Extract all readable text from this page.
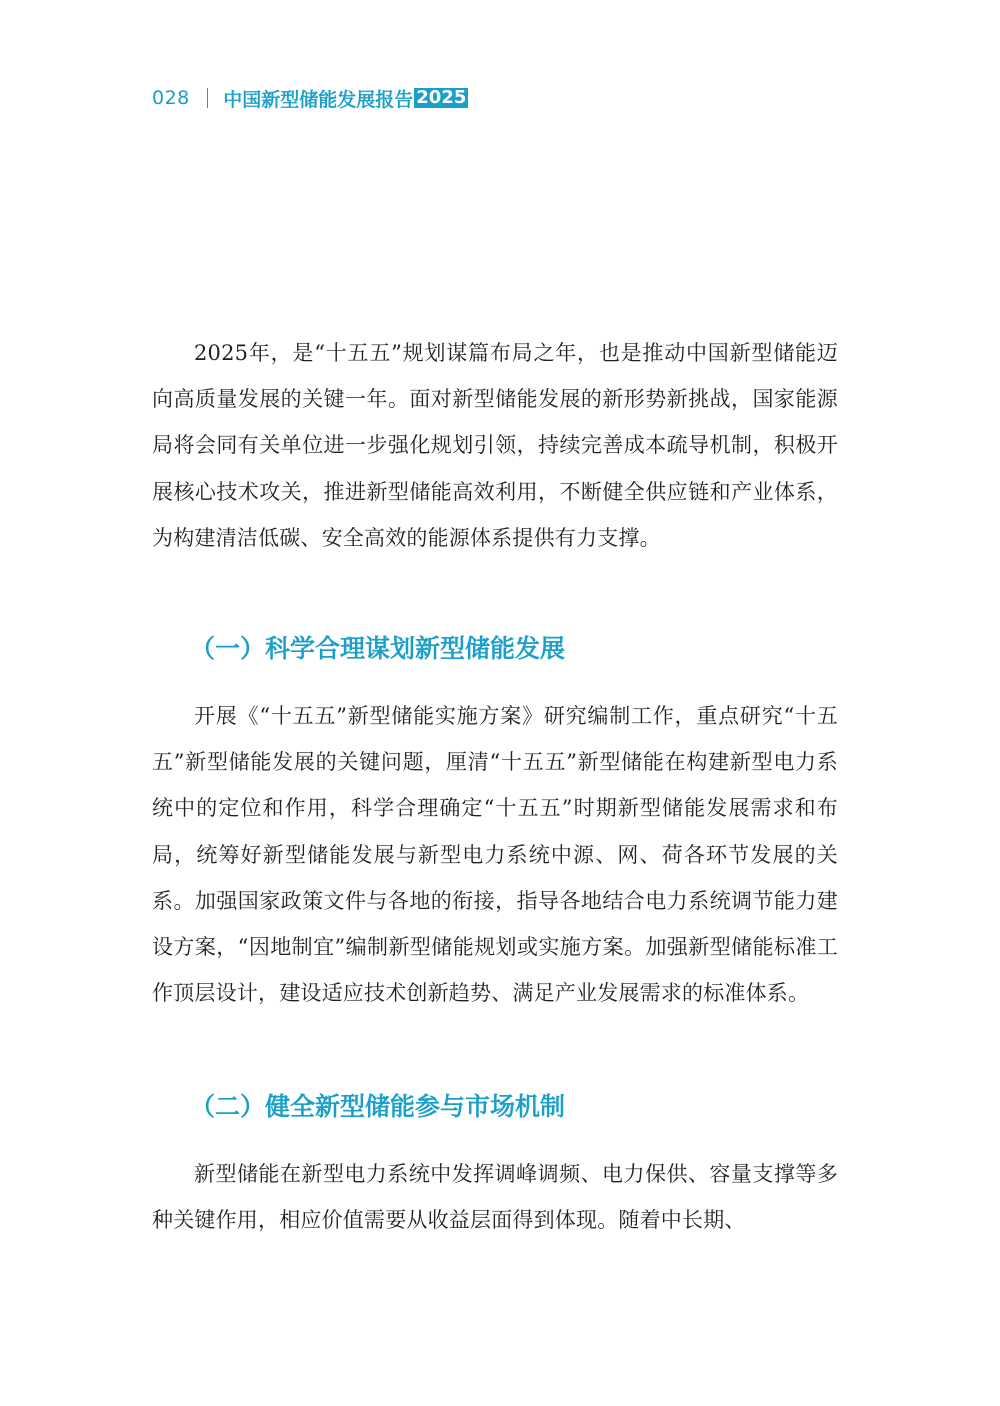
028 中国新型储能发展报告 2025

2025年，是“十五五”规划谋篇布局之年，也是推动中国新型储能迈向高质量发展的关键一年。面对新型储能发展的新形势新挑战，国家能源局将会同有关单位进一步强化规划引领，持续完善成本疏导机制，积极开展核心技术攻关，推进新型储能高效利用，不断健全供应链和产业体系，为构建清洁低碳、安全高效的能源体系提供有力支撑。

（一）科学合理谋划新型储能发展

开展《“十五五”新型储能实施方案》研究编制工作，重点研究“十五五”新型储能发展的关键问题，厘清“十五五”新型储能在构建新型电力系统中的定位和作用，科学合理确定“十五五”时期新型储能发展需求和布局，统筹好新型储能发展与新型电力系统中源、网、荷各环节发展的关系。加强国家政策文件与各地的衔接，指导各地结合电力系统调节能力建设方案，“因地制宜”编制新型储能规划或实施方案。加强新型储能标准工作顶层设计，建设适应技术创新趋势、满足产业发展需求的标准体系。

（二）健全新型储能参与市场机制

新型储能在新型电力系统中发挥调峰调频、电力保供、容量支撑等多种关键作用，相应价值需要从收益层面得到体现。随着中长期、
